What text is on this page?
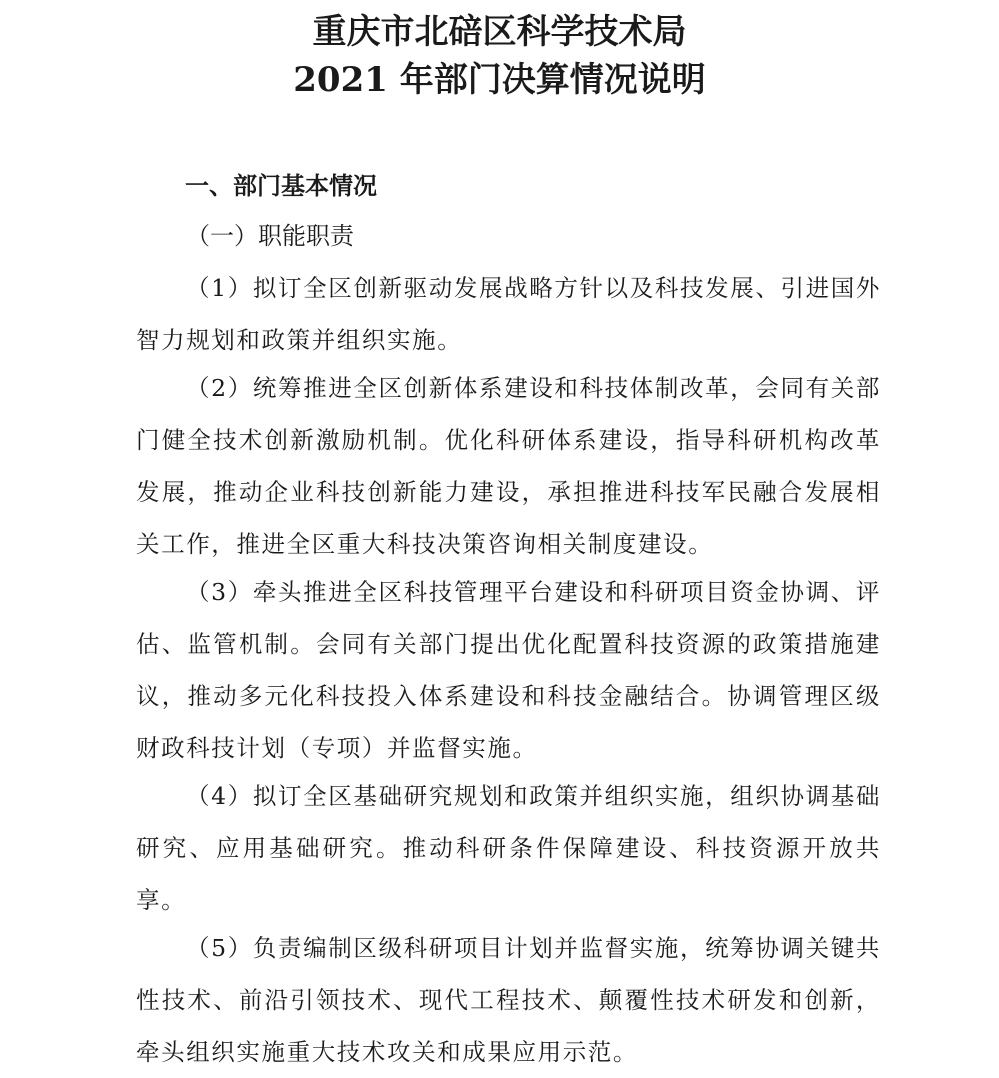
重庆市北碚区科学技术局
2021 年部门决算情况说明
一、部门基本情况
（一）职能职责

（1）拟订全区创新驱动发展战略方针以及科技发展、引进国外智力规划和政策并组织实施。

（2）统筹推进全区创新体系建设和科技体制改革，会同有关部门健全技术创新激励机制。优化科研体系建设，指导科研机构改革发展，推动企业科技创新能力建设，承担推进科技军民融合发展相关工作，推进全区重大科技决策咨询相关制度建设。

（3）牵头推进全区科技管理平台建设和科研项目资金协调、评估、监管机制。会同有关部门提出优化配置科技资源的政策措施建议，推动多元化科技投入体系建设和科技金融结合。协调管理区级财政科技计划（专项）并监督实施。

（4）拟订全区基础研究规划和政策并组织实施，组织协调基础研究、应用基础研究。推动科研条件保障建设、科技资源开放共享。

（5）负责编制区级科研项目计划并监督实施，统筹协调关键共性技术、前沿引领技术、现代工程技术、颠覆性技术研发和创新，牵头组织实施重大技术攻关和成果应用示范。
